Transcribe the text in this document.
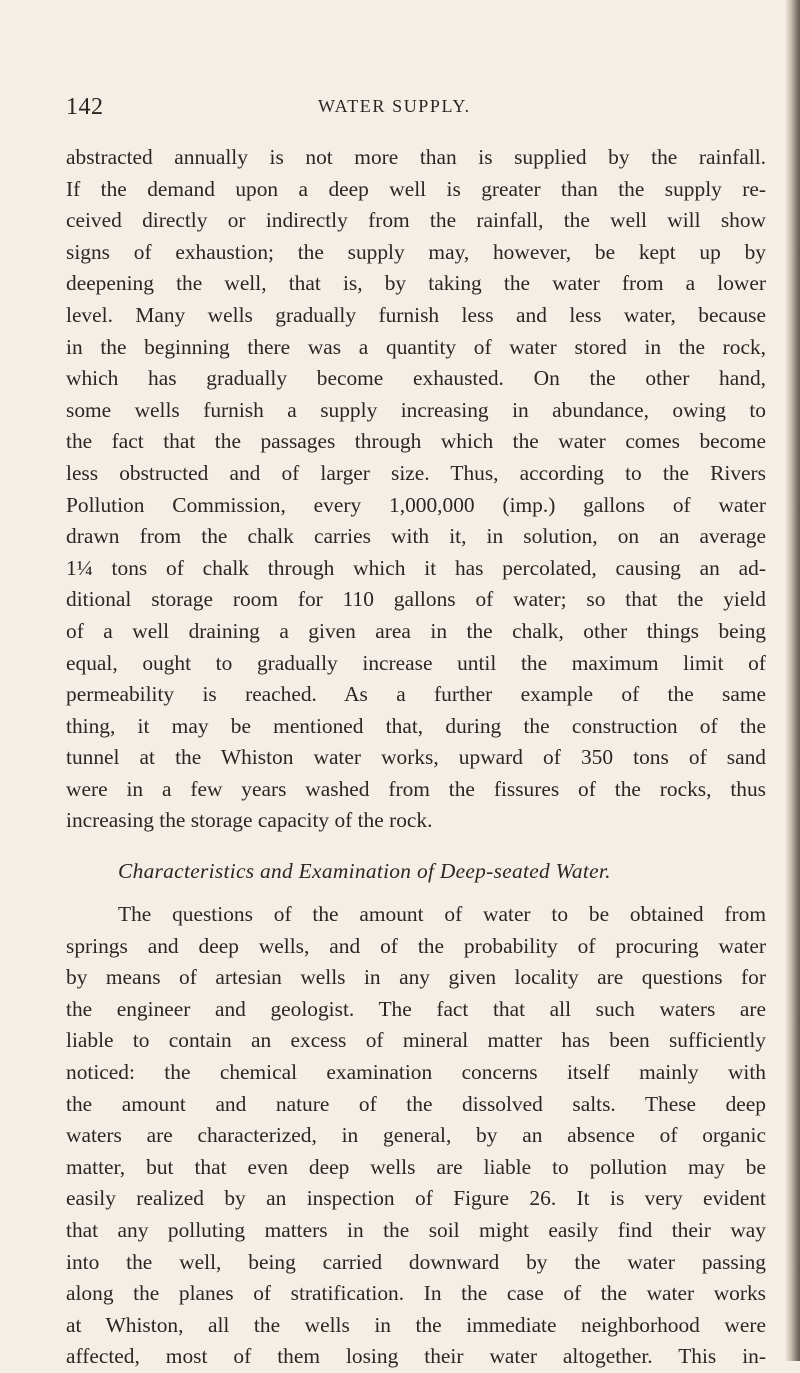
142	WATER SUPPLY.
abstracted annually is not more than is supplied by the rainfall.
If the demand upon a deep well is greater than the supply re-
ceived directly or indirectly from the rainfall, the well will show
signs of exhaustion; the supply may, however, be kept up by
deepening the well, that is, by taking the water from a lower
level. Many wells gradually furnish less and less water, because
in the beginning there was a quantity of water stored in the rock,
which has gradually become exhausted. On the other hand,
some wells furnish a supply increasing in abundance, owing to
the fact that the passages through which the water comes become
less obstructed and of larger size. Thus, according to the Rivers
Pollution Commission, every 1,000,000 (imp.) gallons of water
drawn from the chalk carries with it, in solution, on an average
1¼ tons of chalk through which it has percolated, causing an ad-
ditional storage room for 110 gallons of water; so that the yield
of a well draining a given area in the chalk, other things being
equal, ought to gradually increase until the maximum limit of
permeability is reached. As a further example of the same
thing, it may be mentioned that, during the construction of the
tunnel at the Whiston water works, upward of 350 tons of sand
were in a few years washed from the fissures of the rocks, thus
increasing the storage capacity of the rock.
Characteristics and Examination of Deep-seated Water.
The questions of the amount of water to be obtained from
springs and deep wells, and of the probability of procuring water
by means of artesian wells in any given locality are questions for
the engineer and geologist. The fact that all such waters are
liable to contain an excess of mineral matter has been sufficiently
noticed: the chemical examination concerns itself mainly with
the amount and nature of the dissolved salts. These deep
waters are characterized, in general, by an absence of organic
matter, but that even deep wells are liable to pollution may be
easily realized by an inspection of Figure 26. It is very evident
that any polluting matters in the soil might easily find their way
into the well, being carried downward by the water passing
along the planes of stratification. In the case of the water works
at Whiston, all the wells in the immediate neighborhood were
affected, most of them losing their water altogether. This in-
